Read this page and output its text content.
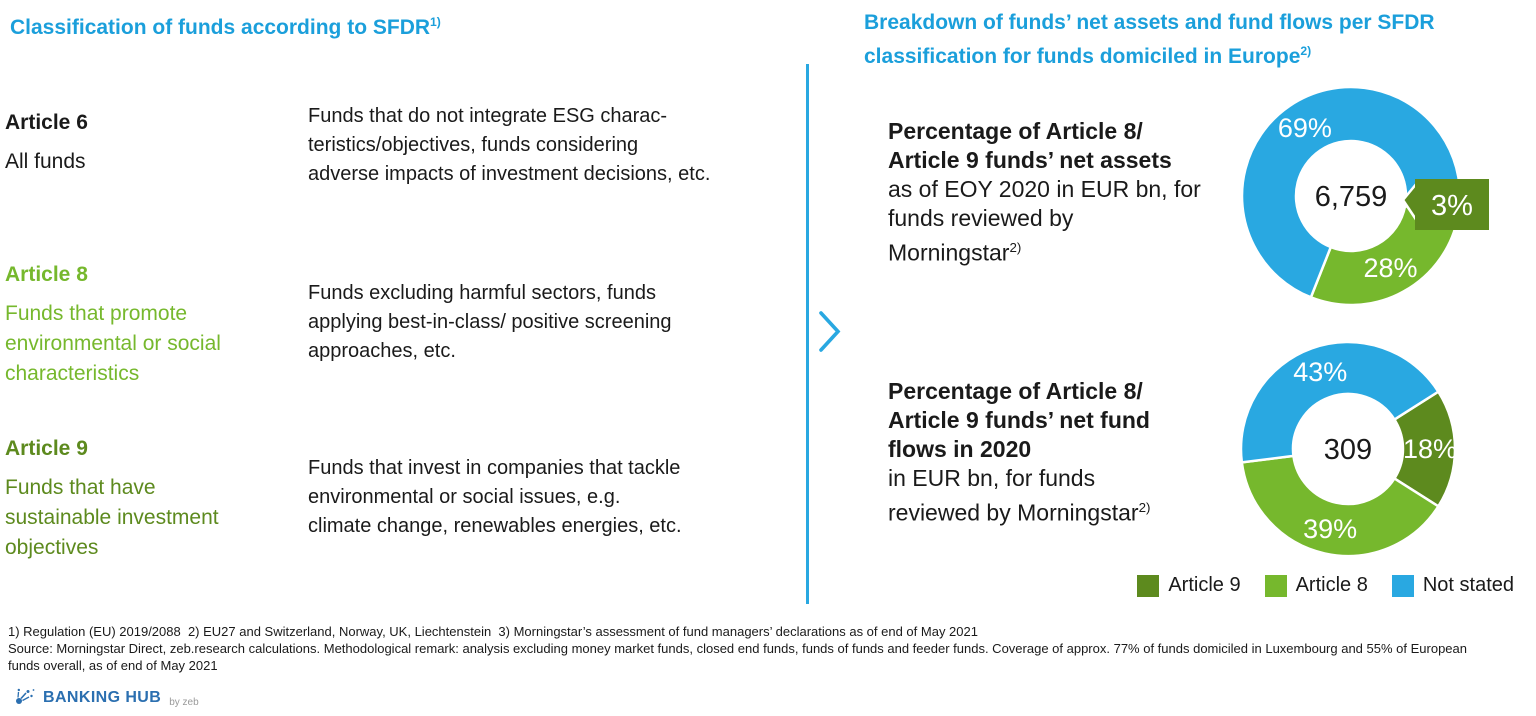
Classification of funds according to SFDR$^{1)}$
Article 6
All funds
Funds that do not integrate ESG charac-
teristics/objectives, funds considering
adverse impacts of investment decisions, etc.
Article 8
Funds that promote
environmental or social
characteristics
Funds excluding harmful sectors, funds
applying best-in-class/ positive screening
approaches, etc.
Article 9
Funds that have
sustainable investment
objectives
Funds that invest in companies that tackle
environmental or social issues, e.g.
climate change, renewables energies, etc.
Breakdown of funds’ net assets and fund flows per SFDR
classification for funds domiciled in Europe$^{2)}$
Percentage of Article 8/
Article 9 funds’ net assets
as of EOY 2020 in EUR bn, for
funds reviewed by
Morningstar$^{2)}$
3%
28%
69%
6,759
Percentage of Article 8/
Article 9 funds’ net fund
flows in 2020
in EUR bn, for funds
reviewed by Morningstar$^{2)}$
18%
39%
43%
309
Article 9	Article 8	Not stated
1) Regulation (EU) 2019/2088  2) EU27 and Switzerland, Norway, UK, Liechtenstein  3) Morningstar’s assessment of fund managers’ declarations as of end of May 2021
Source: Morningstar Direct, zeb.research calculations. Methodological remark: analysis excluding money market funds, closed end funds, funds of funds and feeder funds. Coverage of approx. 77% of funds domiciled in Luxembourg and 55% of European
funds overall, as of end of May 2021
BANKING HUB by zeb
